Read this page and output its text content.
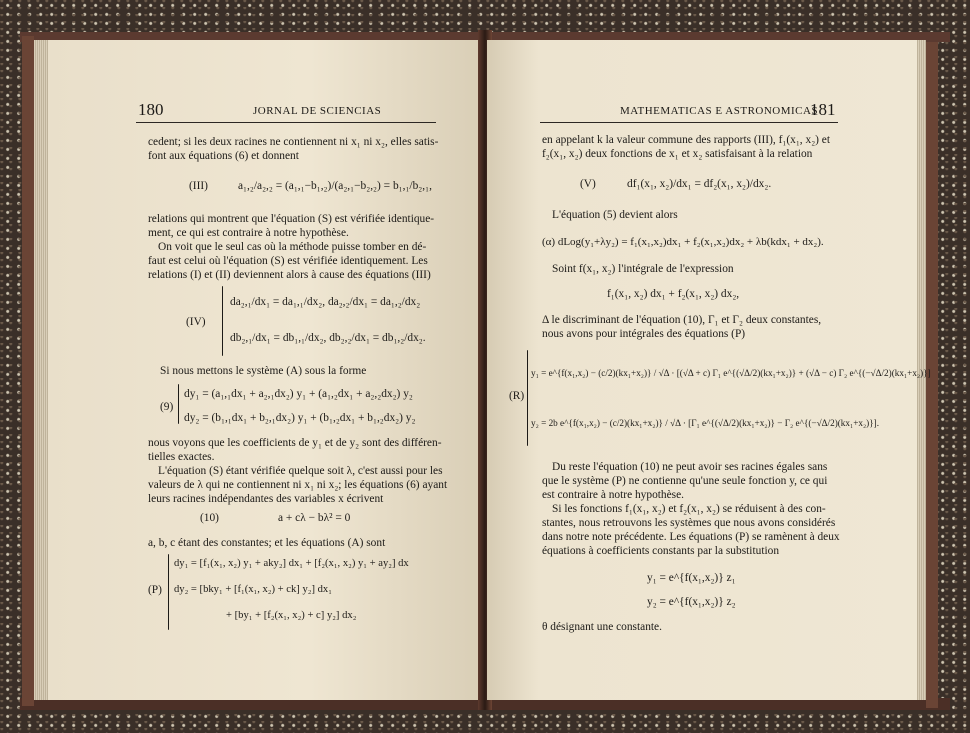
180	JORNAL DE SCIENCIAS
cedent; si les deux racines ne contiennent ni x₁ ni x₂, elles satis-
font aux équations (6) et donnent
(III)	a₁,₂/a₂,₂ = (a₁,₁−b₁,₂)/(a₂,₁−b₂,₂) = b₁,₁/b₂,₁,
relations qui montrent que l'équation (S) est vérifiée identique-
ment, ce qui est contraire à notre hypothèse.
On voit que le seul cas où la méthode puisse tomber en dé-
faut est celui où l'équation (S) est vérifiée identiquement. Les
relations (I) et (II) deviennent alors à cause des équations (III)
(IV)
da₂,₁/dx₁ = da₁,₁/dx₂, da₂,₂/dx₁ = da₁,₂/dx₂
db₂,₁/dx₁ = db₁,₁/dx₂, db₂,₂/dx₁ = db₁,₂/dx₂.
Si nous mettons le système (A) sous la forme
(9)
dy₁ = (a₁,₁dx₁ + a₂,₁dx₂) y₁ + (a₁,₂dx₁ + a₂,₂dx₂) y₂
dy₂ = (b₁,₁dx₁ + b₂,₁dx₂) y₁ + (b₁,₂dx₁ + b₁,₂dx₂) y₂
nous voyons que les coefficients de y₁ et de y₂ sont des différen-
tielles exactes.
L'équation (S) étant vérifiée quelque soit λ, c'est aussi pour les
valeurs de λ qui ne contiennent ni x₁ ni x₂; les équations (6) ayant
leurs racines indépendantes des variables x écrivent
(10)	a + cλ − bλ² = 0
a, b, c étant des constantes; et les équations (A) sont
(P)
dy₁ = [f₁(x₁, x₂) y₁ + aky₂] dx₁ + [f₂(x₁, x₂) y₁ + ay₂] dx
dy₂ = [bky₁ + [f₁(x₁, x₂) + ck] y₂] dx₁
+ [by₁ + [f₂(x₁, x₂) + c] y₂] dx₂
MATHEMATICAS E ASTRONOMICAS
181
en appelant k la valeur commune des rapports (III), f₁(x₁, x₂) et
f₂(x₁, x₂) deux fonctions de x₁ et x₂ satisfaisant à la relation
(V)	df₁(x₁, x₂)/dx₁ = df₂(x₁, x₂)/dx₂.
L'équation (5) devient alors
(α) dLog(y₁+λy₂) = f₁(x₁,x₂)dx₁ + f₂(x₁,x₂)dx₂ + λb(kdx₁ + dx₂).
Soint f(x₁, x₂) l'intégrale de l'expression
f₁(x₁, x₂) dx₁ + f₂(x₁, x₂) dx₂,
Δ le discriminant de l'équation (10), Γ₁ et Γ₂ deux constantes,
nous avons pour intégrales des équations (P)
(R)
y₁ = e^{f(x₁,x₂) − (c/2)(kx₁+x₂)} / √Δ · [(√Δ + c) Γ₁ e^{(√Δ/2)(kx₁+x₂)} + (√Δ − c) Γ₂ e^{(−√Δ/2)(kx₁+x₂)}]
y₂ = 2b e^{f(x₁,x₂) − (c/2)(kx₁+x₂)} / √Δ · [Γ₁ e^{(√Δ/2)(kx₁+x₂)} − Γ₂ e^{(−√Δ/2)(kx₁+x₂)}].
Du reste l'équation (10) ne peut avoir ses racines égales sans
que le système (P) ne contienne qu'une seule fonction y, ce qui
est contraire à notre hypothèse.
Si les fonctions f₁(x₁, x₂) et f₂(x₁, x₂) se réduisent à des con-
stantes, nous retrouvons les systèmes que nous avons considérés
dans notre note précédente. Les équations (P) se ramènent à deux
équations à coefficients constants par la substitution
y₁ = e^{f(x₁,x₂)} z₁
y₂ = e^{f(x₁,x₂)} z₂
θ désignant une constante.
